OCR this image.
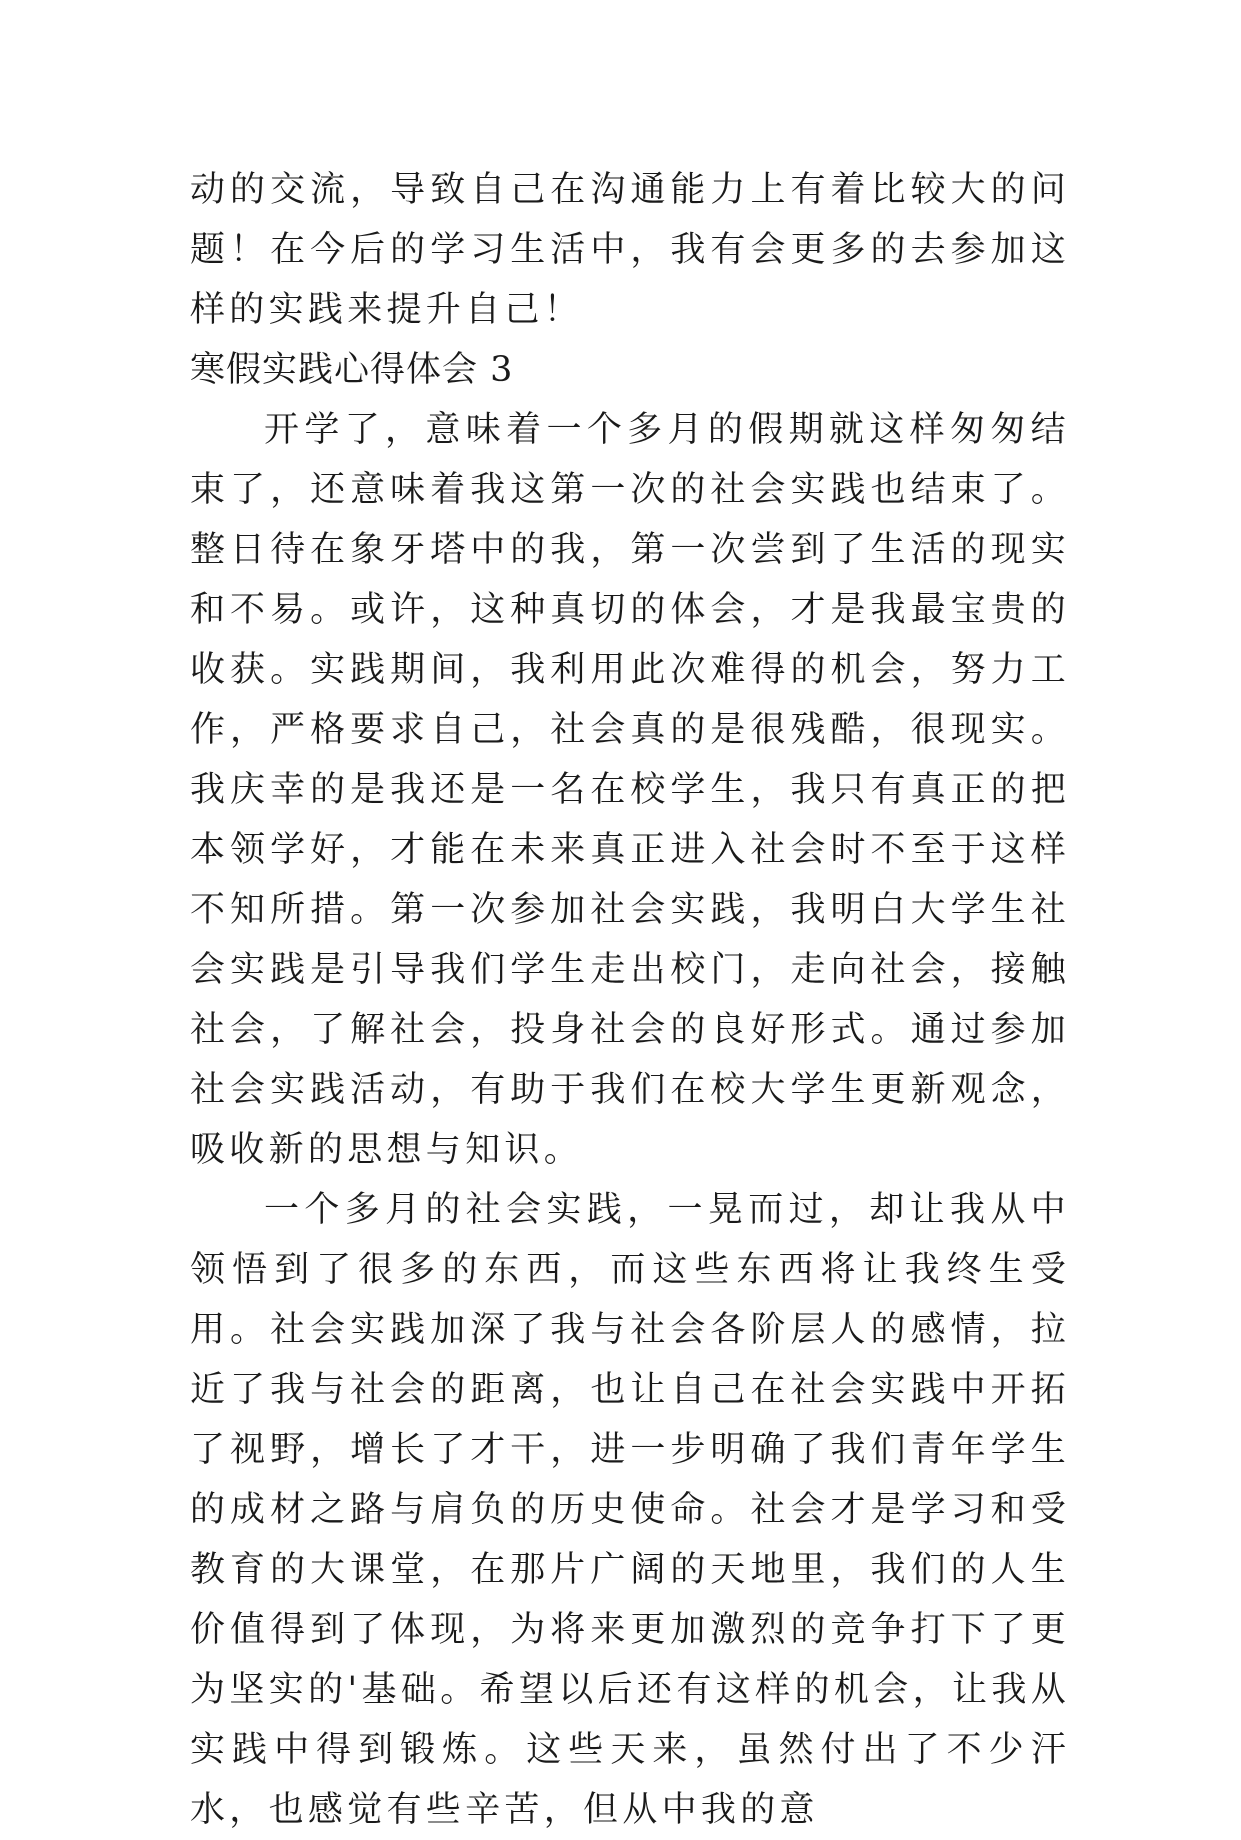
动的交流，导致自己在沟通能力上有着比较大的问题！在今后的学习生活中，我有会更多的去参加这样的实践来提升自己！

寒假实践心得体会 3

开学了，意味着一个多月的假期就这样匆匆结束了，还意味着我这第一次的社会实践也结束了。整日待在象牙塔中的我，第一次尝到了生活的现实和不易。或许，这种真切的体会，才是我最宝贵的收获。实践期间，我利用此次难得的机会，努力工作，严格要求自己，社会真的是很残酷，很现实。我庆幸的是我还是一名在校学生，我只有真正的把本领学好，才能在未来真正进入社会时不至于这样不知所措。第一次参加社会实践，我明白大学生社会实践是引导我们学生走出校门，走向社会，接触社会，了解社会，投身社会的良好形式。通过参加社会实践活动，有助于我们在校大学生更新观念，吸收新的思想与知识。

一个多月的社会实践，一晃而过，却让我从中领悟到了很多的东西，而这些东西将让我终生受用。社会实践加深了我与社会各阶层人的感情，拉近了我与社会的距离，也让自己在社会实践中开拓了视野，增长了才干，进一步明确了我们青年学生的成材之路与肩负的历史使命。社会才是学习和受教育的大课堂，在那片广阔的天地里，我们的人生价值得到了体现，为将来更加激烈的竞争打下了更为坚实的'基础。希望以后还有这样的机会，让我从实践中得到锻炼。这些天来，虽然付出了不少汗水，也感觉有些辛苦，但从中我的意
